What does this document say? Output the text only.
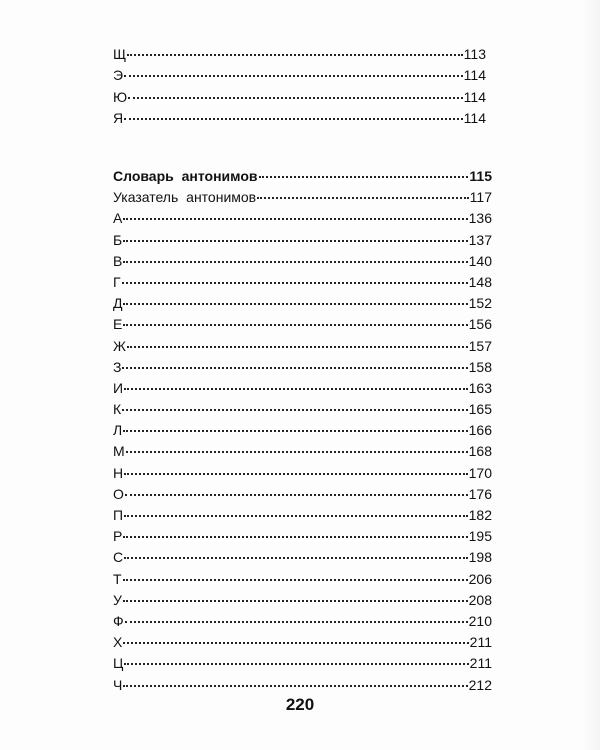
Щ	113
Э	114
Ю	114
Я	114
Словарь антонимов	115
Указатель антонимов	117
А	136
Б	137
В	140
Г	148
Д	152
Е	156
Ж	157
З	158
И	163
К	165
Л	166
М	168
Н	170
О	176
П	182
Р	195
С	198
Т	206
У	208
Ф	210
Х	211
Ц	211
Ч	212
220
